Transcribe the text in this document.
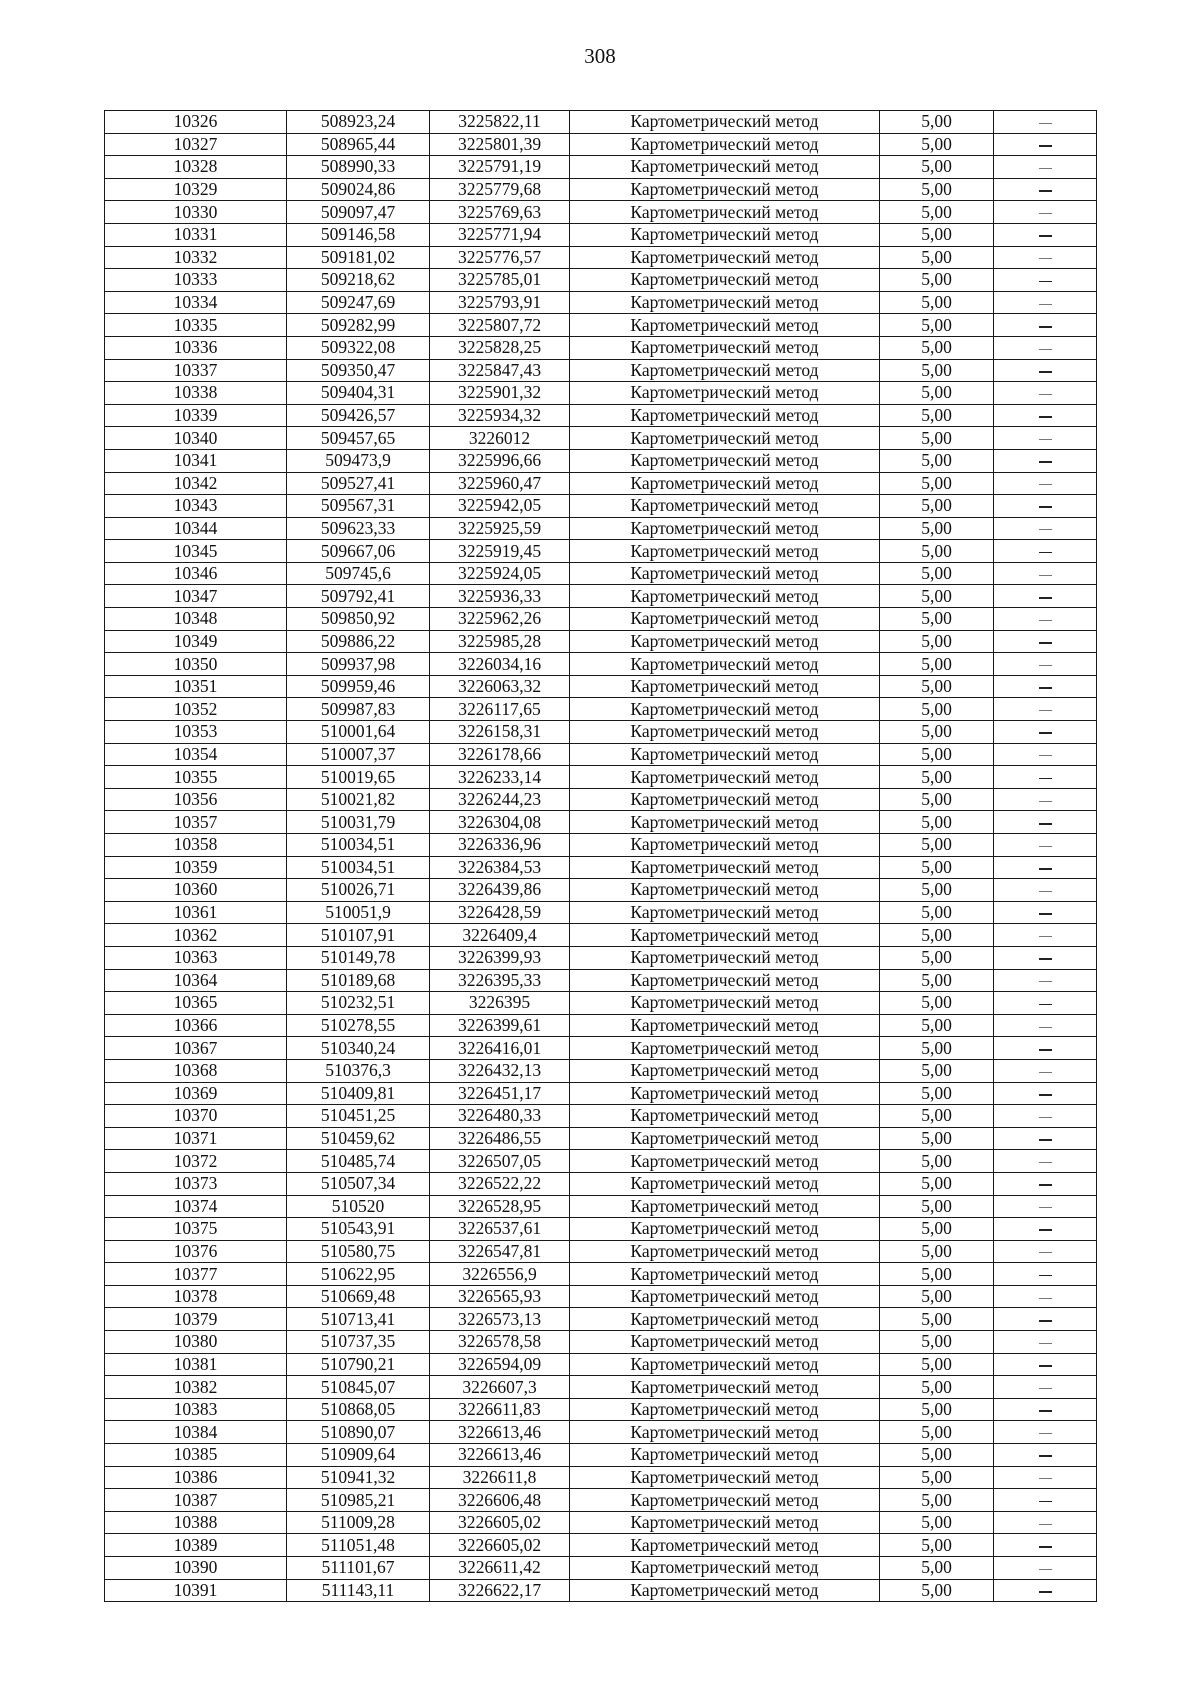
308
10326	508923,24	3225822,11	Картометрический метод	5,00	
10327	508965,44	3225801,39	Картометрический метод	5,00	
10328	508990,33	3225791,19	Картометрический метод	5,00	
10329	509024,86	3225779,68	Картометрический метод	5,00	
10330	509097,47	3225769,63	Картометрический метод	5,00	
10331	509146,58	3225771,94	Картометрический метод	5,00	
10332	509181,02	3225776,57	Картометрический метод	5,00	
10333	509218,62	3225785,01	Картометрический метод	5,00	
10334	509247,69	3225793,91	Картометрический метод	5,00	
10335	509282,99	3225807,72	Картометрический метод	5,00	
10336	509322,08	3225828,25	Картометрический метод	5,00	
10337	509350,47	3225847,43	Картометрический метод	5,00	
10338	509404,31	3225901,32	Картометрический метод	5,00	
10339	509426,57	3225934,32	Картометрический метод	5,00	
10340	509457,65	3226012	Картометрический метод	5,00	
10341	509473,9	3225996,66	Картометрический метод	5,00	
10342	509527,41	3225960,47	Картометрический метод	5,00	
10343	509567,31	3225942,05	Картометрический метод	5,00	
10344	509623,33	3225925,59	Картометрический метод	5,00	
10345	509667,06	3225919,45	Картометрический метод	5,00	
10346	509745,6	3225924,05	Картометрический метод	5,00	
10347	509792,41	3225936,33	Картометрический метод	5,00	
10348	509850,92	3225962,26	Картометрический метод	5,00	
10349	509886,22	3225985,28	Картометрический метод	5,00	
10350	509937,98	3226034,16	Картометрический метод	5,00	
10351	509959,46	3226063,32	Картометрический метод	5,00	
10352	509987,83	3226117,65	Картометрический метод	5,00	
10353	510001,64	3226158,31	Картометрический метод	5,00	
10354	510007,37	3226178,66	Картометрический метод	5,00	
10355	510019,65	3226233,14	Картометрический метод	5,00	
10356	510021,82	3226244,23	Картометрический метод	5,00	
10357	510031,79	3226304,08	Картометрический метод	5,00	
10358	510034,51	3226336,96	Картометрический метод	5,00	
10359	510034,51	3226384,53	Картометрический метод	5,00	
10360	510026,71	3226439,86	Картометрический метод	5,00	
10361	510051,9	3226428,59	Картометрический метод	5,00	
10362	510107,91	3226409,4	Картометрический метод	5,00	
10363	510149,78	3226399,93	Картометрический метод	5,00	
10364	510189,68	3226395,33	Картометрический метод	5,00	
10365	510232,51	3226395	Картометрический метод	5,00	
10366	510278,55	3226399,61	Картометрический метод	5,00	
10367	510340,24	3226416,01	Картометрический метод	5,00	
10368	510376,3	3226432,13	Картометрический метод	5,00	
10369	510409,81	3226451,17	Картометрический метод	5,00	
10370	510451,25	3226480,33	Картометрический метод	5,00	
10371	510459,62	3226486,55	Картометрический метод	5,00	
10372	510485,74	3226507,05	Картометрический метод	5,00	
10373	510507,34	3226522,22	Картометрический метод	5,00	
10374	510520	3226528,95	Картометрический метод	5,00	
10375	510543,91	3226537,61	Картометрический метод	5,00	
10376	510580,75	3226547,81	Картометрический метод	5,00	
10377	510622,95	3226556,9	Картометрический метод	5,00	
10378	510669,48	3226565,93	Картометрический метод	5,00	
10379	510713,41	3226573,13	Картометрический метод	5,00	
10380	510737,35	3226578,58	Картометрический метод	5,00	
10381	510790,21	3226594,09	Картометрический метод	5,00	
10382	510845,07	3226607,3	Картометрический метод	5,00	
10383	510868,05	3226611,83	Картометрический метод	5,00	
10384	510890,07	3226613,46	Картометрический метод	5,00	
10385	510909,64	3226613,46	Картометрический метод	5,00	
10386	510941,32	3226611,8	Картометрический метод	5,00	
10387	510985,21	3226606,48	Картометрический метод	5,00	
10388	511009,28	3226605,02	Картометрический метод	5,00	
10389	511051,48	3226605,02	Картометрический метод	5,00	
10390	511101,67	3226611,42	Картометрический метод	5,00	
10391	511143,11	3226622,17	Картометрический метод	5,00	
